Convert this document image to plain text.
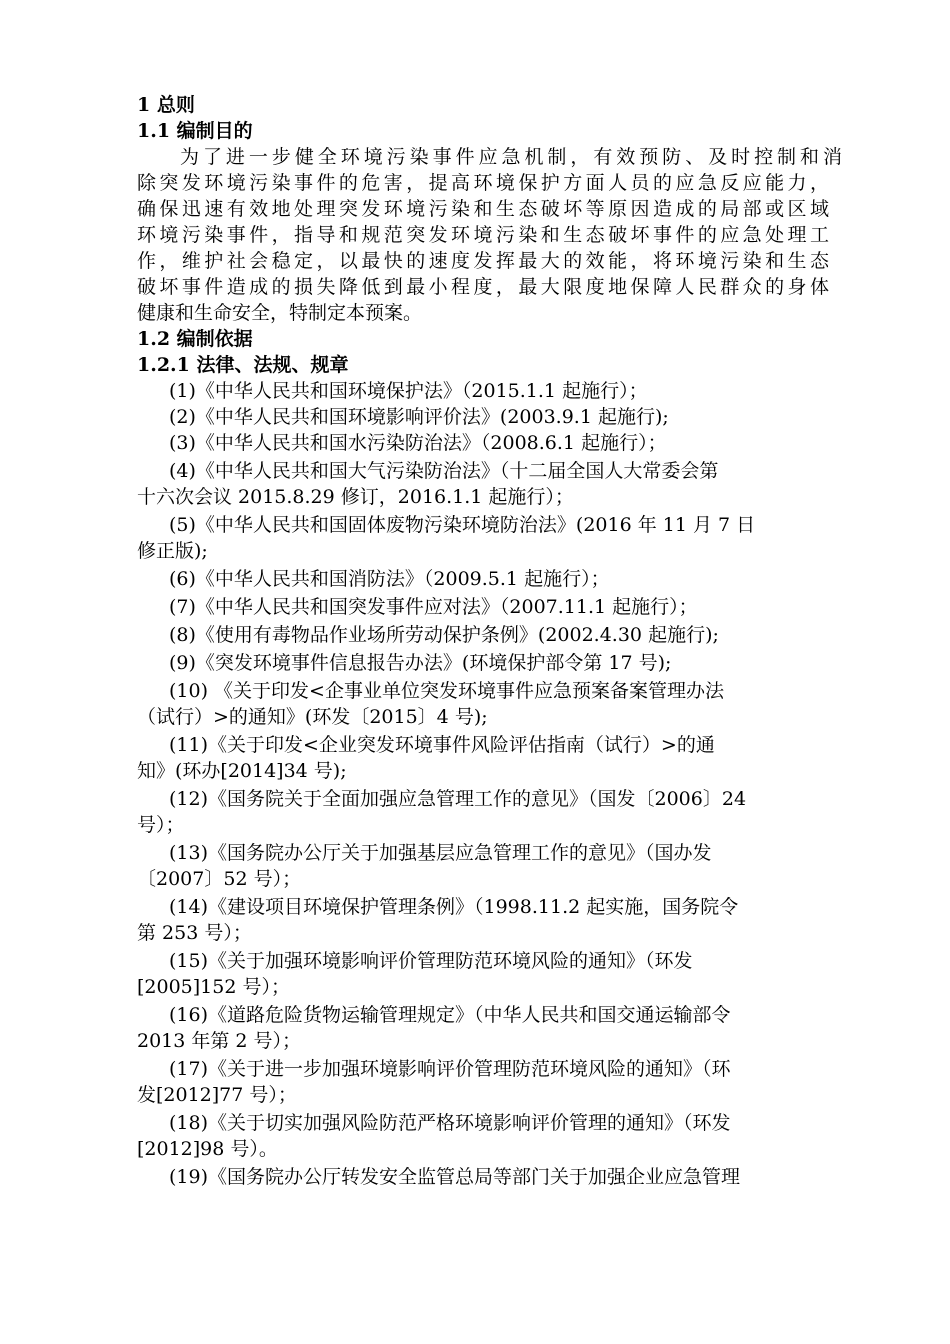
1 总则
1.1 编制目的
为了进一步健全环境污染事件应急机制，有效预防、及时控制和消
除突发环境污染事件的危害，提高环境保护方面人员的应急反应能力，
确保迅速有效地处理突发环境污染和生态破坏等原因造成的局部或区域
环境污染事件，指导和规范突发环境污染和生态破坏事件的应急处理工
作，维护社会稳定，以最快的速度发挥最大的效能，将环境污染和生态
破坏事件造成的损失降低到最小程度，最大限度地保障人民群众的身体
健康和生命安全，特制定本预案。
1.2 编制依据
1.2.1 法律、法规、规章
(1)《中华人民共和国环境保护法》（2015.1.1 起施行）；
(2)《中华人民共和国环境影响评价法》(2003.9.1 起施行);
(3)《中华人民共和国水污染防治法》（2008.6.1 起施行）；
(4)《中华人民共和国大气污染防治法》（十二届全国人大常委会第
十六次会议 2015.8.29 修订，2016.1.1 起施行）；
(5)《中华人民共和国固体废物污染环境防治法》(2016 年 11 月 7 日
修正版);
(6)《中华人民共和国消防法》（2009.5.1 起施行）；
(7)《中华人民共和国突发事件应对法》（2007.11.1 起施行）；
(8)《使用有毒物品作业场所劳动保护条例》(2002.4.30 起施行);
(9)《突发环境事件信息报告办法》(环境保护部令第 17 号);
(10) 《关于印发<企事业单位突发环境事件应急预案备案管理办法
（试行）>的通知》(环发〔2015〕4 号);
(11)《关于印发<企业突发环境事件风险评估指南（试行）>的通
知》(环办[2014]34 号);
(12)《国务院关于全面加强应急管理工作的意见》（国发〔2006〕24
号）；
(13)《国务院办公厅关于加强基层应急管理工作的意见》（国办发
〔2007〕52 号）；
(14)《建设项目环境保护管理条例》（1998.11.2 起实施，国务院令
第 253 号）；
(15)《关于加强环境影响评价管理防范环境风险的通知》（环发
[2005]152 号）；
(16)《道路危险货物运输管理规定》（中华人民共和国交通运输部令
2013 年第 2 号）；
(17)《关于进一步加强环境影响评价管理防范环境风险的通知》（环
发[2012]77 号）；
(18)《关于切实加强风险防范严格环境影响评价管理的通知》（环发
[2012]98 号）。
(19)《国务院办公厅转发安全监管总局等部门关于加强企业应急管理
